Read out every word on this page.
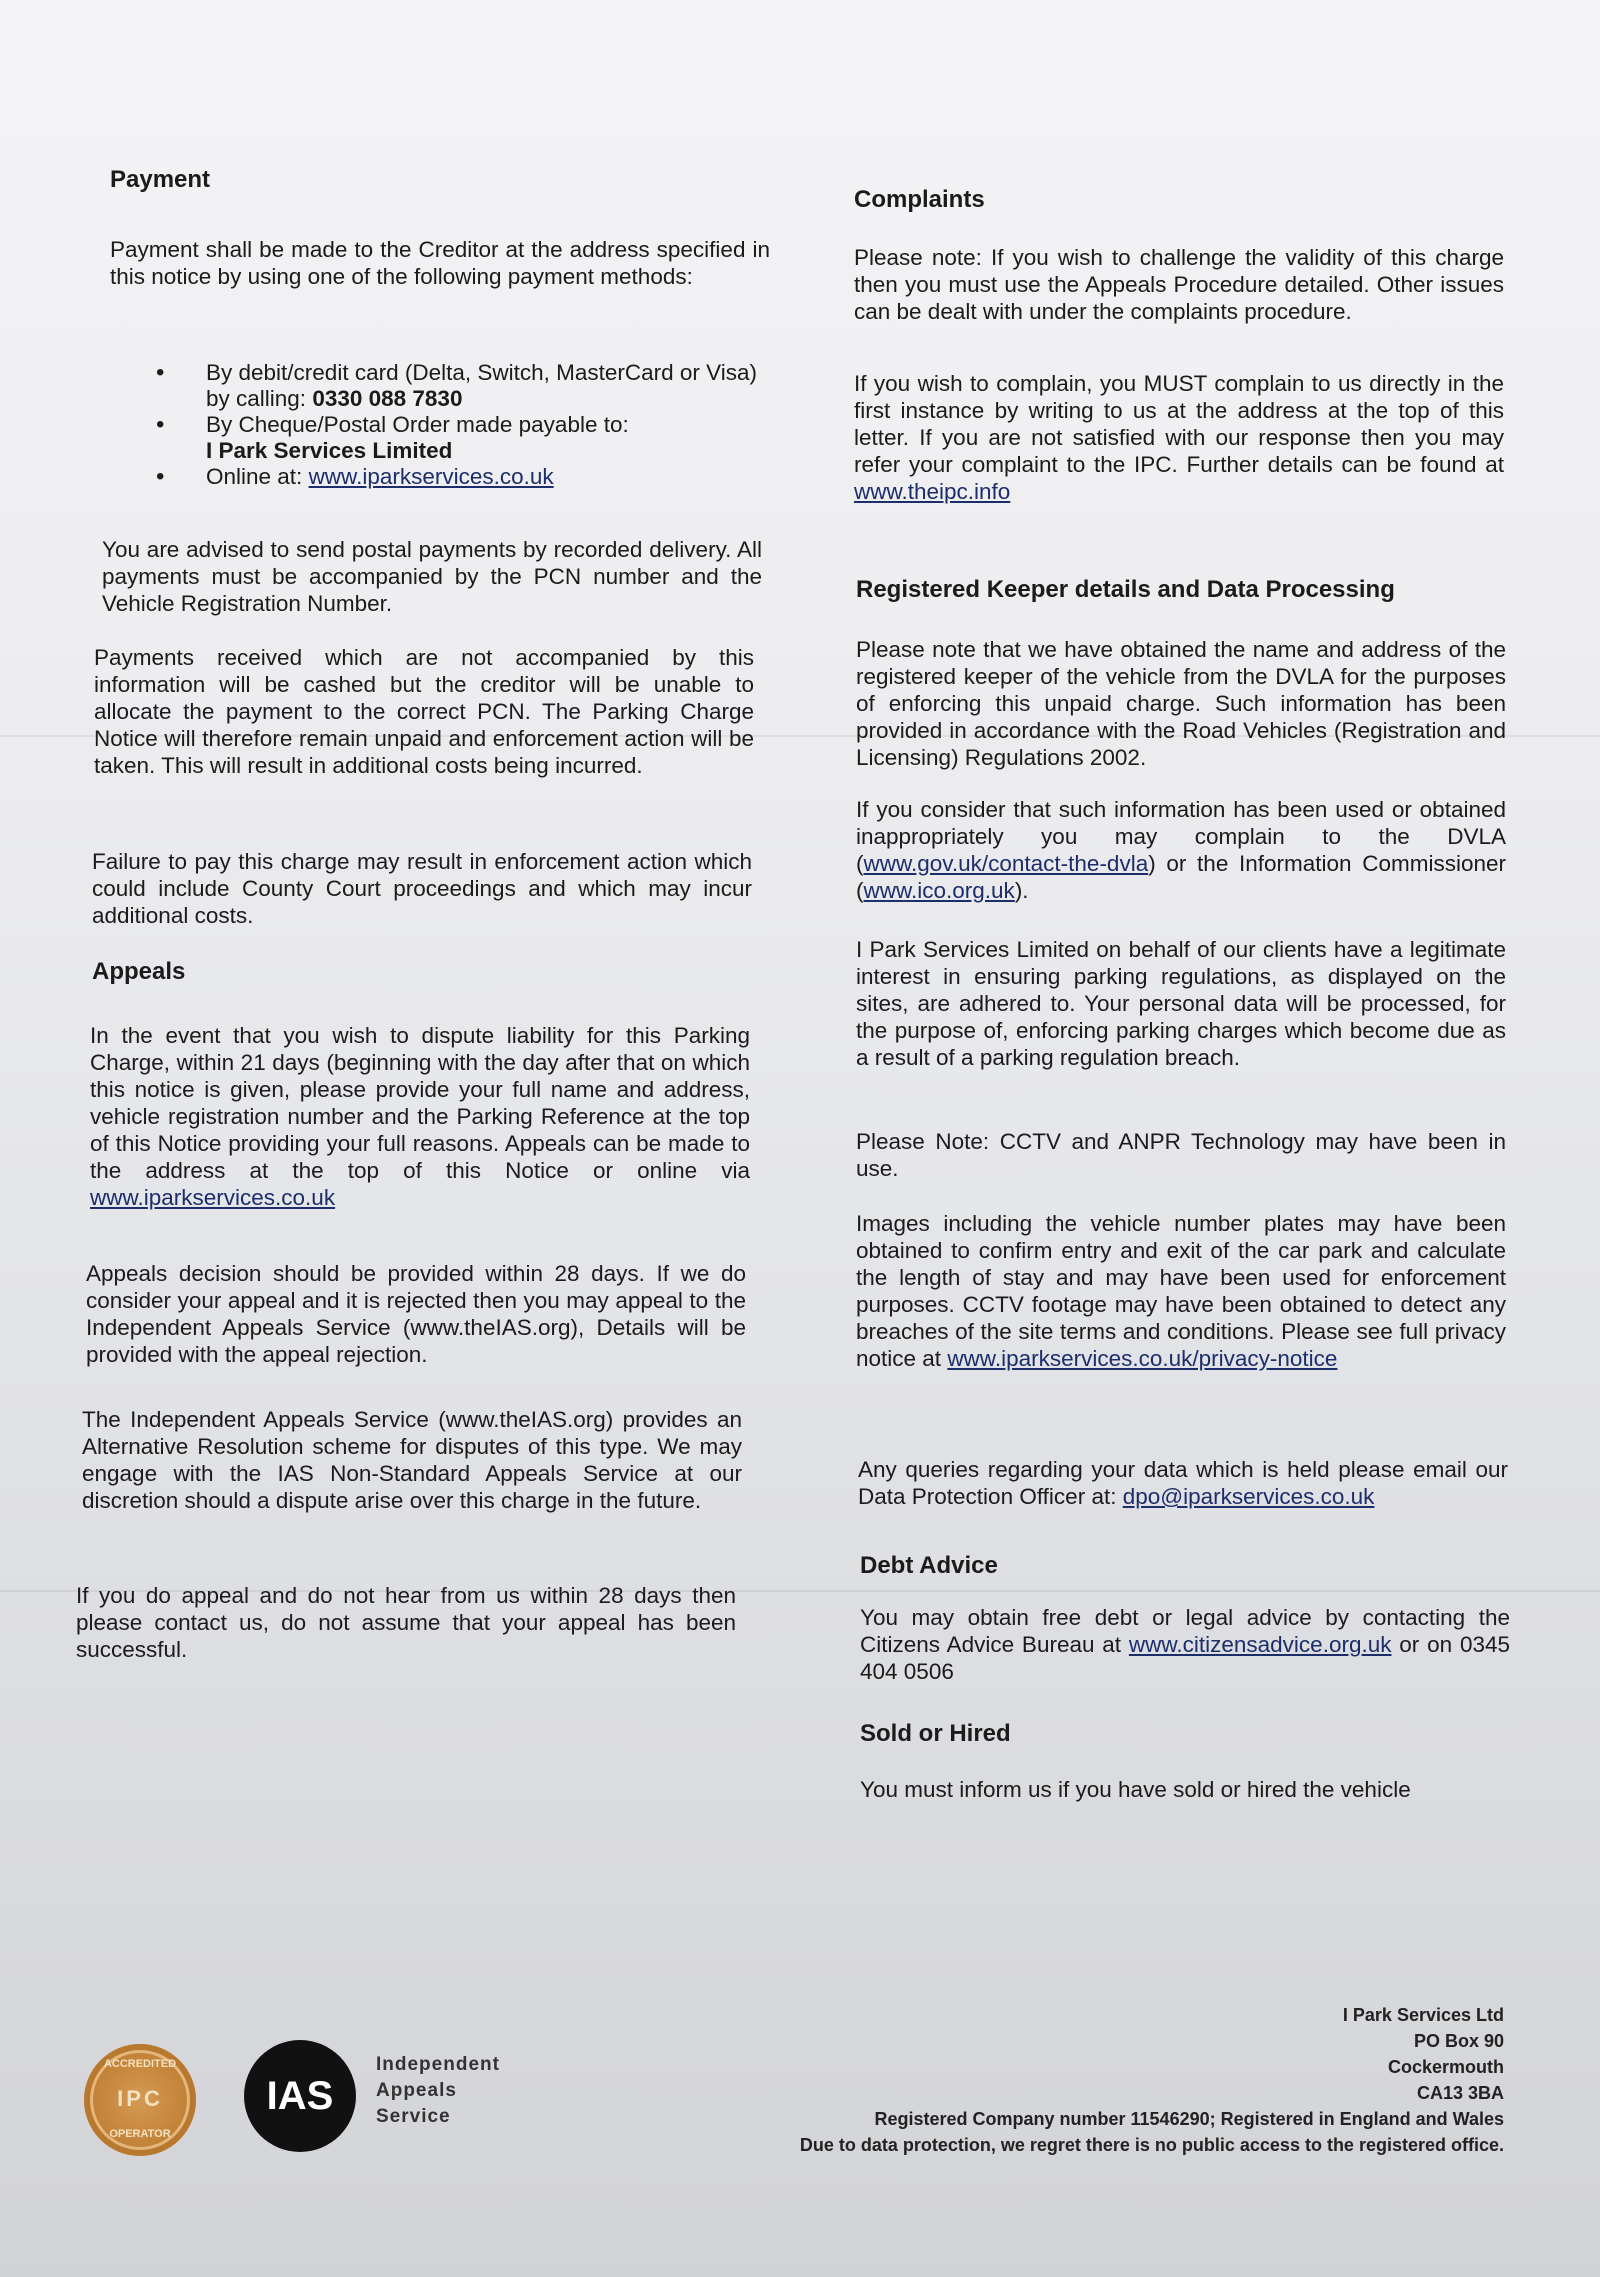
Payment

Payment shall be made to the Creditor at the address specified in this notice by using one of the following payment methods:

• By debit/credit card (Delta, Switch, MasterCard or Visa) by calling: 0330 088 7830
• By Cheque/Postal Order made payable to:
I Park Services Limited
• Online at: www.iparkservices.co.uk

You are advised to send postal payments by recorded delivery. All payments must be accompanied by the PCN number and the Vehicle Registration Number.

Payments received which are not accompanied by this information will be cashed but the creditor will be unable to allocate the payment to the correct PCN. The Parking Charge Notice will therefore remain unpaid and enforcement action will be taken. This will result in additional costs being incurred.

Failure to pay this charge may result in enforcement action which could include County Court proceedings and which may incur additional costs.

Appeals

In the event that you wish to dispute liability for this Parking Charge, within 21 days (beginning with the day after that on which this notice is given, please provide your full name and address, vehicle registration number and the Parking Reference at the top of this Notice providing your full reasons. Appeals can be made to the address at the top of this Notice or online via www.iparkservices.co.uk

Appeals decision should be provided within 28 days. If we do consider your appeal and it is rejected then you may appeal to the Independent Appeals Service (www.theIAS.org), Details will be provided with the appeal rejection.

The Independent Appeals Service (www.theIAS.org) provides an Alternative Resolution scheme for disputes of this type. We may engage with the IAS Non-Standard Appeals Service at our discretion should a dispute arise over this charge in the future.

If you do appeal and do not hear from us within 28 days then please contact us, do not assume that your appeal has been successful.

Complaints

Please note: If you wish to challenge the validity of this charge then you must use the Appeals Procedure detailed. Other issues can be dealt with under the complaints procedure.

If you wish to complain, you MUST complain to us directly in the first instance by writing to us at the address at the top of this letter. If you are not satisfied with our response then you may refer your complaint to the IPC. Further details can be found at www.theipc.info

Registered Keeper details and Data Processing

Please note that we have obtained the name and address of the registered keeper of the vehicle from the DVLA for the purposes of enforcing this unpaid charge. Such information has been provided in accordance with the Road Vehicles (Registration and Licensing) Regulations 2002.

If you consider that such information has been used or obtained inappropriately you may complain to the DVLA (www.gov.uk/contact-the-dvla) or the Information Commissioner (www.ico.org.uk).

I Park Services Limited on behalf of our clients have a legitimate interest in ensuring parking regulations, as displayed on the sites, are adhered to. Your personal data will be processed, for the purpose of, enforcing parking charges which become due as a result of a parking regulation breach.

Please Note: CCTV and ANPR Technology may have been in use.

Images including the vehicle number plates may have been obtained to confirm entry and exit of the car park and calculate the length of stay and may have been used for enforcement purposes. CCTV footage may have been obtained to detect any breaches of the site terms and conditions. Please see full privacy notice at www.iparkservices.co.uk/privacy-notice

Any queries regarding your data which is held please email our Data Protection Officer at: dpo@iparkservices.co.uk

Debt Advice

You may obtain free debt or legal advice by contacting the Citizens Advice Bureau at www.citizensadvice.org.uk or on 0345 404 0506

Sold or Hired

You must inform us if you have sold or hired the vehicle

ACCREDITED
IPC
OPERATOR
IAS
Independent
Appeals
Service
I Park Services Ltd
PO Box 90
Cockermouth
CA13 3BA
Registered Company number 11546290; Registered in England and Wales
Due to data protection, we regret there is no public access to the registered office.
